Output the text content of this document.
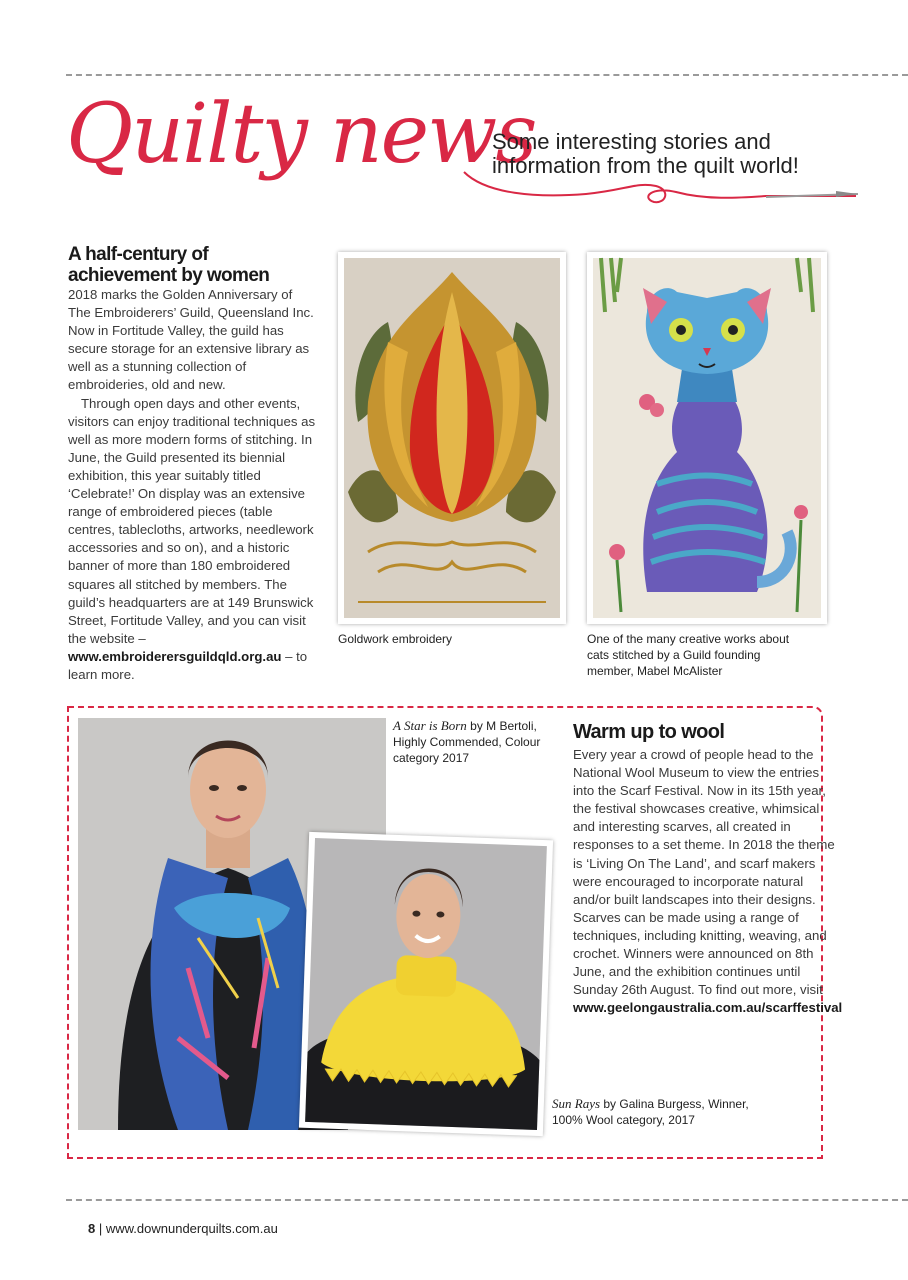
Quilty news
Some interesting stories and
information from the quilt world!
A half-century of achievement by women

2018 marks the Golden Anniversary of The Embroiderers’ Guild, Queensland Inc. Now in Fortitude Valley, the guild has secure storage for an extensive library as well as a stunning collection of embroideries, old and new.

Through open days and other events, visitors can enjoy traditional techniques as well as more modern forms of stitching. In June, the Guild presented its biennial exhibition, this year suitably titled ‘Celebrate!’ On display was an extensive range of embroidered pieces (table centres, tablecloths, artworks, needlework accessories and so on), and a historic banner of more than 180 embroidered squares all stitched by members. The guild’s headquarters are at 149 Brunswick Street, Fortitude Valley, and you can visit the website – www.embroiderersguildqld.org.au – to learn more.

Goldwork embroidery	One of the many creative works about cats stitched by a Guild founding member, Mabel McAlister
A Star is Born by M Bertoli, Highly Commended, Colour category 2017
Sun Rays by Galina Burgess, Winner, 100% Wool category, 2017
Warm up to wool

Every year a crowd of people head to the National Wool Museum to view the entries into the Scarf Festival. Now in its 15th year, the festival showcases creative, whimsical and interesting scarves, all created in responses to a set theme. In 2018 the theme is ‘Living On The Land’, and scarf makers were encouraged to incorporate natural and/or built landscapes into their designs. Scarves can be made using a range of techniques, including knitting, weaving, and crochet. Winners were announced on 8th June, and the exhibition continues until Sunday 26th August. To find out more, visit www.geelongaustralia.com.au/scarffestival

8 | www.downunderquilts.com.au
